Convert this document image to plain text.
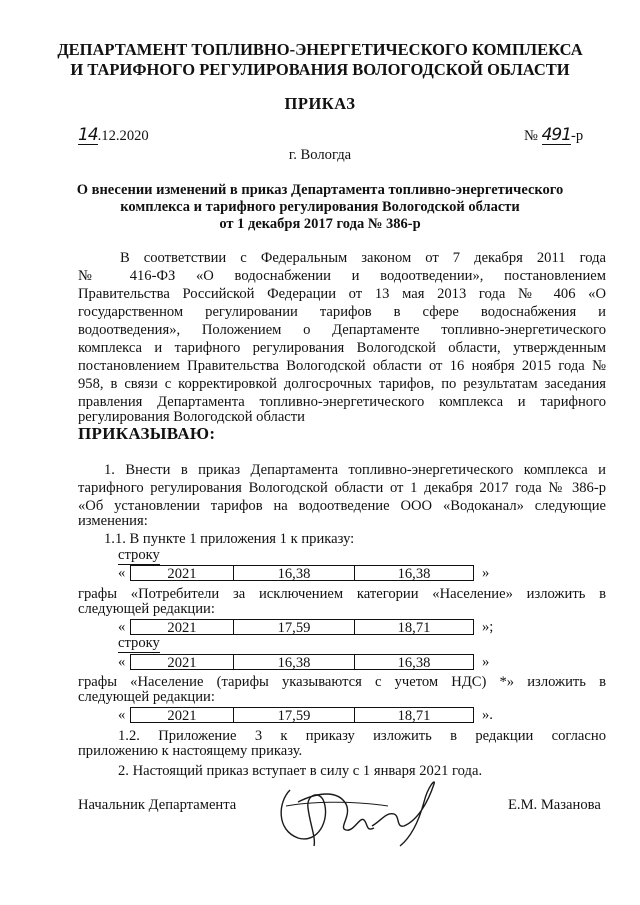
ДЕПАРТАМЕНТ ТОПЛИВНО-ЭНЕРГЕТИЧЕСКОГО КОМПЛЕКСА
И ТАРИФНОГО РЕГУЛИРОВАНИЯ ВОЛОГОДСКОЙ ОБЛАСТИ
ПРИКАЗ
14.12.2020	№ 491-р
г. Вологда
О внесении изменений в приказ Департамента топливно-энергетического
комплекса и тарифного регулирования Вологодской области
от 1 декабря 2017 года № 386-р
В соответствии с Федеральным законом от 7 декабря 2011 года
№ 416-ФЗ «О водоснабжении и водоотведении», постановлением
Правительства Российской Федерации от 13 мая 2013 года № 406 «О
государственном регулировании тарифов в сфере водоснабжения и
водоотведения», Положением о Департаменте топливно-энергетического
комплекса и тарифного регулирования Вологодской области, утвержденным
постановлением Правительства Вологодской области от 16 ноября 2015 года №
958, в связи с корректировкой долгосрочных тарифов, по результатам заседания
правления Департамента топливно-энергетического комплекса и тарифного
регулирования Вологодской области
ПРИКАЗЫВАЮ:
1. Внести в приказ Департамента топливно-энергетического комплекса и
тарифного регулирования Вологодской области от 1 декабря 2017 года № 386-р
«Об установлении тарифов на водоотведение ООО «Водоканал» следующие
изменения:
1.1. В пункте 1 приложения 1 к приказу:
строку
«	2021	16,38	16,38	»
графы «Потребители за исключением категории «Население» изложить в
следующей редакции:
«	2021	17,59	18,71	»;
строку
«	2021	16,38	16,38	»
графы «Население (тарифы указываются с учетом НДС) *» изложить в
следующей редакции:
«	2021	17,59	18,71	».
1.2. Приложение 3 к приказу изложить в редакции согласно
приложению к настоящему приказу.
2. Настоящий приказ вступает в силу с 1 января 2021 года.
Начальник Департамента	Е.М. Мазанова
